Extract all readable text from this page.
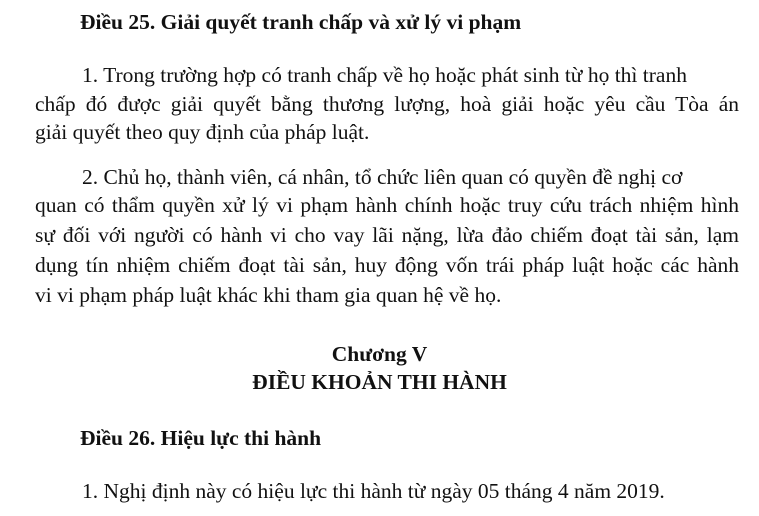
Điều 25. Giải quyết tranh chấp và xử lý vi phạm
1. Trong trường hợp có tranh chấp về họ hoặc phát sinh từ họ thì tranh
chấp đó được giải quyết bằng thương lượng, hoà giải hoặc yêu cầu Tòa án
giải quyết theo quy định của pháp luật.
2. Chủ họ, thành viên, cá nhân, tổ chức liên quan có quyền đề nghị cơ
quan có thẩm quyền xử lý vi phạm hành chính hoặc truy cứu trách nhiệm hình
sự đối với người có hành vi cho vay lãi nặng, lừa đảo chiếm đoạt tài sản, lạm
dụng tín nhiệm chiếm đoạt tài sản, huy động vốn trái pháp luật hoặc các hành
vi vi phạm pháp luật khác khi tham gia quan hệ về họ.
Chương V
ĐIỀU KHOẢN THI HÀNH
Điều 26. Hiệu lực thi hành
1. Nghị định này có hiệu lực thi hành từ ngày 05 tháng 4 năm 2019.
